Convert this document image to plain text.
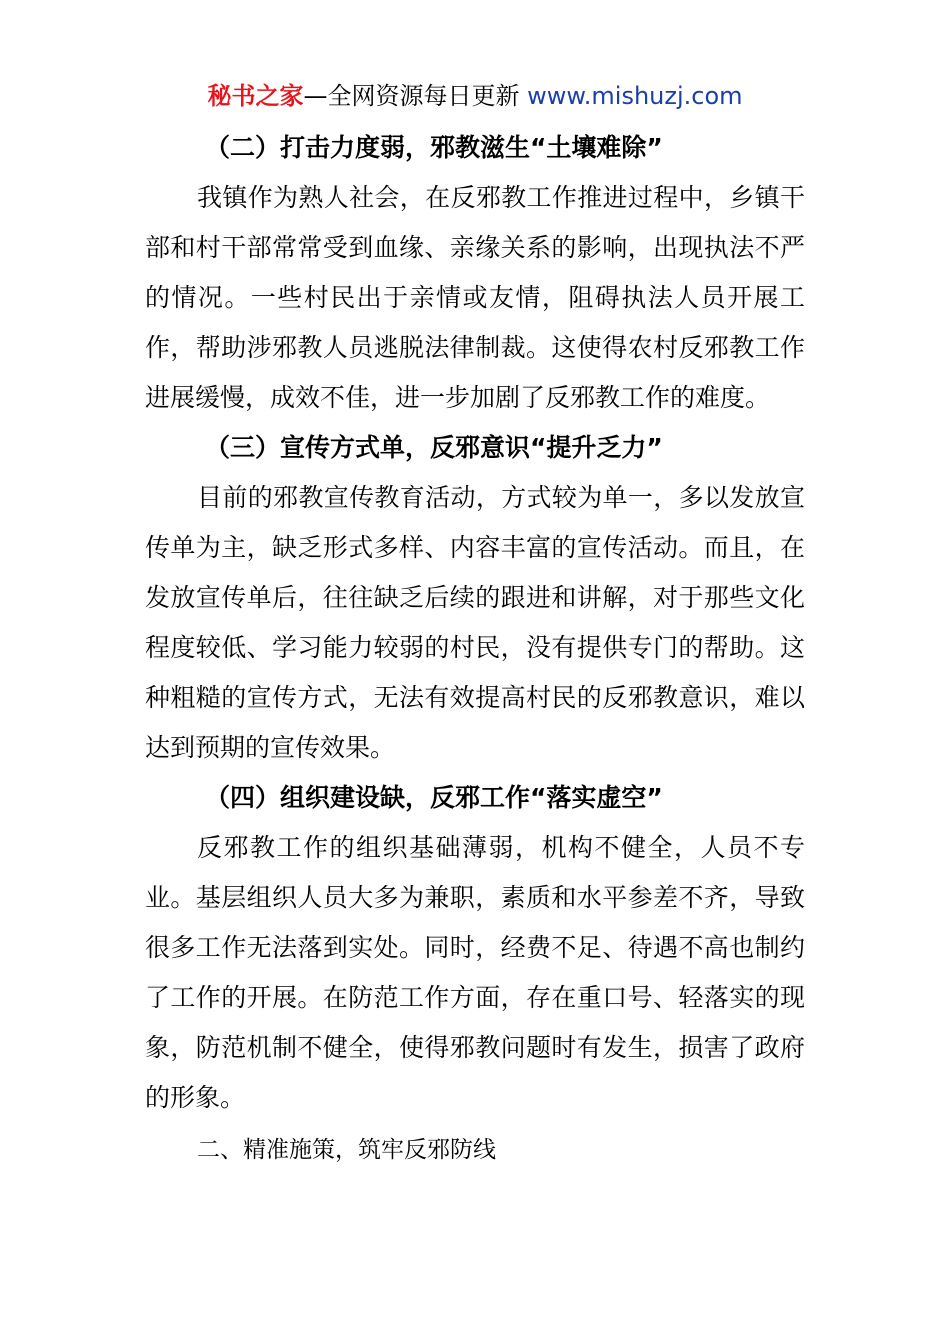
秘书之家—全网资源每日更新 www.mishuzj.com
（二）打击力度弱，邪教滋生“土壤难除”
我镇作为熟人社会，在反邪教工作推进过程中，乡镇干部和村干部常常受到血缘、亲缘关系的影响，出现执法不严的情况。一些村民出于亲情或友情，阻碍执法人员开展工作，帮助涉邪教人员逃脱法律制裁。这使得农村反邪教工作进展缓慢，成效不佳，进一步加剧了反邪教工作的难度。
（三）宣传方式单，反邪意识“提升乏力”
目前的邪教宣传教育活动，方式较为单一，多以发放宣传单为主，缺乏形式多样、内容丰富的宣传活动。而且，在发放宣传单后，往往缺乏后续的跟进和讲解，对于那些文化程度较低、学习能力较弱的村民，没有提供专门的帮助。这种粗糙的宣传方式，无法有效提高村民的反邪教意识，难以达到预期的宣传效果。
（四）组织建设缺，反邪工作“落实虚空”
反邪教工作的组织基础薄弱，机构不健全，人员不专业。基层组织人员大多为兼职，素质和水平参差不齐，导致很多工作无法落到实处。同时，经费不足、待遇不高也制约了工作的开展。在防范工作方面，存在重口号、轻落实的现象，防范机制不健全，使得邪教问题时有发生，损害了政府的形象。
二、精准施策，筑牢反邪防线
